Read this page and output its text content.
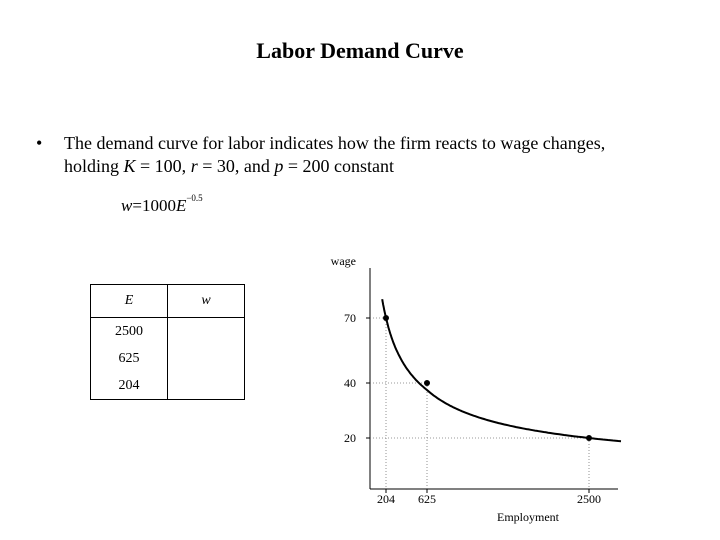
Labor Demand Curve
• The demand curve for labor indicates how the firm reacts to wage changes, holding K = 100, r = 30, and p = 200 constant
$w=1000E^{-0.5}$
E	w
2500	
625	
204	
20
40
70
204 625	2500
wage
Employment
